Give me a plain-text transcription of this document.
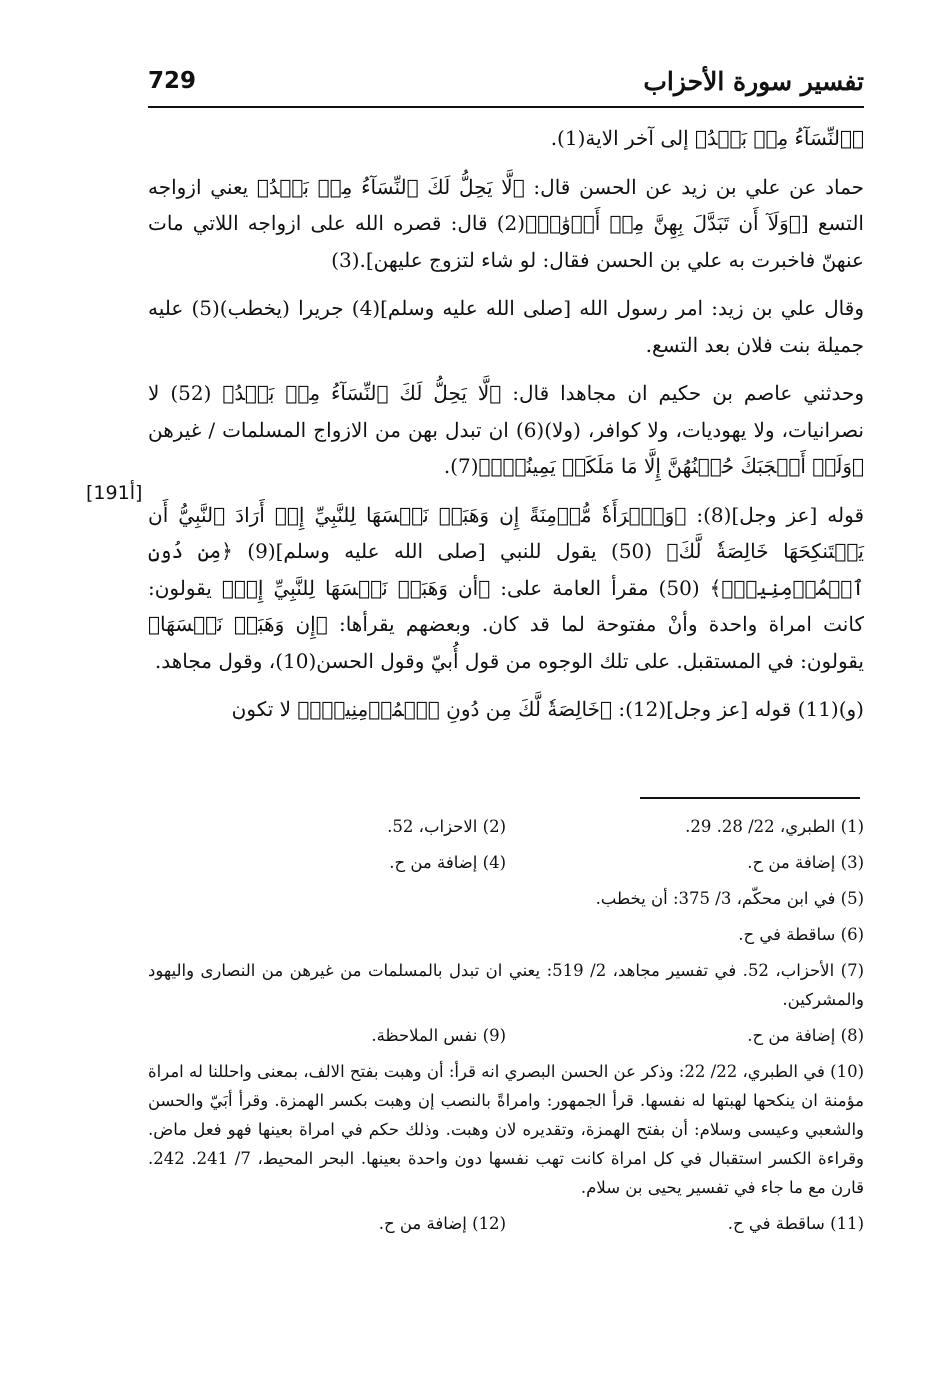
تفسير سورة الأحزاب
729

﴿ٱلنِّسَآءُ مِنۢ بَعۡدُ﴾ إلى آخر الاية(1).

حماد عن علي بن زيد عن الحسن قال: ﴿لَّا يَحِلُّ لَكَ ٱلنِّسَآءُ مِنۢ بَعۡدُ﴾ يعني ازواجه التسع [﴿وَلَآ أَن تَبَدَّلَ بِهِنَّ مِنۡ أَزۡوَٰجٖ﴾(2) قال: قصره الله على ازواجه اللاتي مات عنهنّ فاخبرت به علي بن الحسن فقال: لو شاء لتزوج عليهن].(3)

وقال علي بن زيد: امر رسول الله [صلى الله عليه وسلم](4) جريرا (يخطب)(5) عليه جميلة بنت فلان بعد التسع.

وحدثني عاصم بن حكيم ان مجاهدا قال: ﴿لَّا يَحِلُّ لَكَ ٱلنِّسَآءُ مِنۢ بَعۡدُ﴾ (52) لا نصرانيات، ولا يهوديات، ولا كوافر، (ولا)(6) ان تبدل بهن من الازواج المسلمات / غيرهن ﴿وَلَوۡ أَعۡجَبَكَ حُسۡنُهُنَّ إِلَّا مَا مَلَكَتۡ يَمِينُكَۗ﴾(7).

قوله [عز وجل](8): ﴿وَٱمۡرَأَةٗ مُّؤۡمِنَةً إِن وَهَبَتۡ نَفۡسَهَا لِلنَّبِيِّ إِنۡ أَرَادَ ٱلنَّبِيُّ أَن يَسۡتَنكِحَهَا خَالِصَةٗ لَّكَ﴾ (50) يقول للنبي [صلى الله عليه وسلم](9) ﴿مِن دُونِ ٱلۡمُؤۡمِنِينَۗ﴾ (50) مقرأ العامة على: ﴿أن وَهَبَتۡ نَفۡسَهَا لِلنَّبِيِّ إِنۡ﴾ يقولون: كانت امراة واحدة وأنْ مفتوحة لما قد كان. وبعضهم يقرأها: ﴿إِن وَهَبَتۡ نَفۡسَهَا﴾ يقولون: في المستقبل. على تلك الوجوه من قول أُبيّ وقول الحسن(10)، وقول مجاهد.

(و)(11) قوله [عز وجل](12): ﴿خَالِصَةٗ لَّكَ مِن دُونِ ٱلۡمُؤۡمِنِينَۗ﴾ لا تكون

[191أ]
(1) الطبري، 22/ 28. 29.
(2) الاحزاب، 52.
(3) إضافة من ح.
(4) إضافة من ح.
(5) في ابن محكّم، 3/ 375: أن يخطب.
(6) ساقطة في ح.
(7) الأحزاب، 52. في تفسير مجاهد، 2/ 519: يعني ان تبدل بالمسلمات من غيرهن من النصارى واليهود والمشركين.
(8) إضافة من ح.
(9) نفس الملاحظة.
(10) في الطبري، 22/ 22: وذكر عن الحسن البصري انه قرأ: أن وهبت بفتح الالف، بمعنى واحللنا له امراة مؤمنة ان ينكحها لهبتها له نفسها. قرأ الجمهور: وامراةً بالنصب إن وهبت بكسر الهمزة. وقرأ أبَيّ والحسن والشعبي وعيسى وسلام: أن بفتح الهمزة، وتقديره لان وهبت. وذلك حكم في امراة بعينها فهو فعل ماض. وقراءة الكسر استقبال في كل امراة كانت تهب نفسها دون واحدة بعينها. البحر المحيط، 7/ 241. 242. قارن مع ما جاء في تفسير يحيى بن سلام.
(11) ساقطة في ح.
(12) إضافة من ح.
